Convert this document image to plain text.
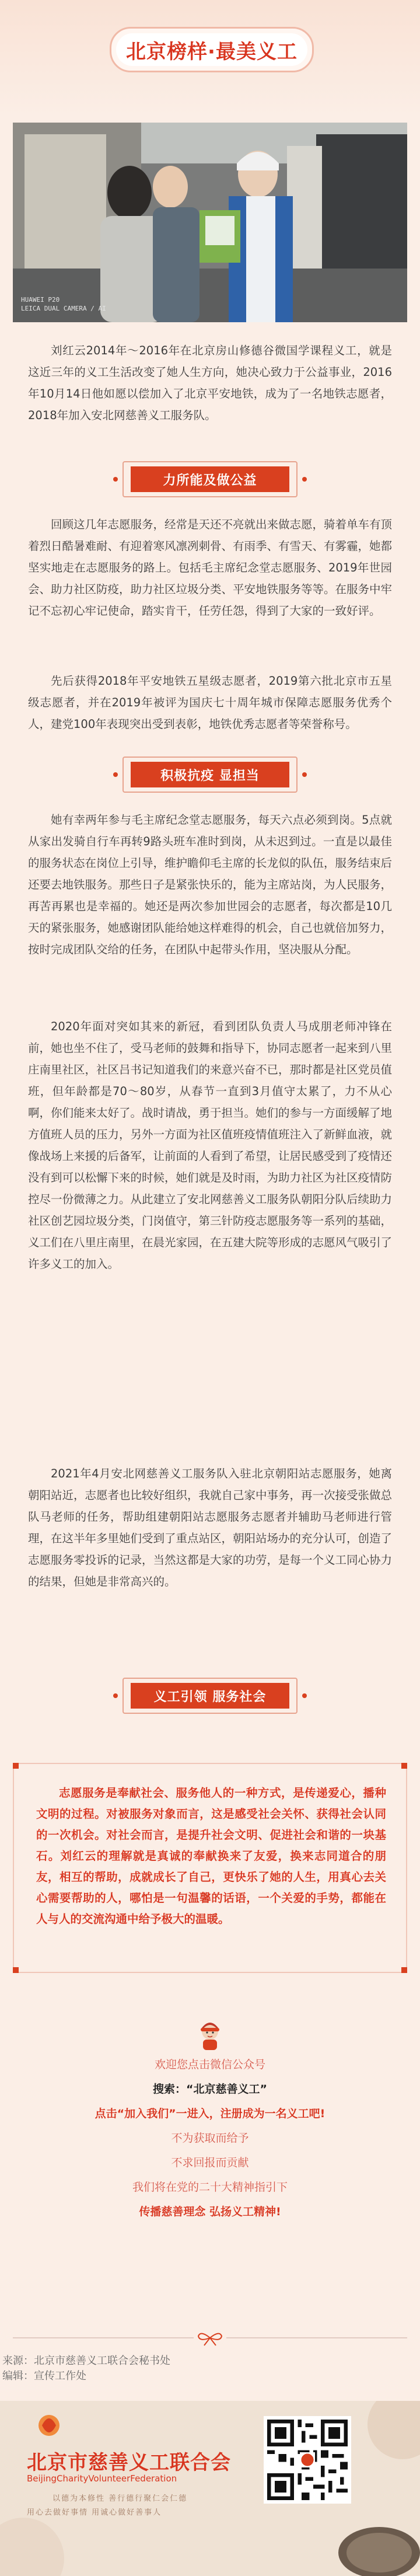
北京榜样·最美义工
HUAWEI P20
LEICA DUAL CAMERA / AI

刘红云2014年～2016年在北京房山修德谷微国学课程义工，就是这近三年的义工生活改变了她人生方向，她决心致力于公益事业，2016年10月14日他如愿以偿加入了北京平安地铁，成为了一名地铁志愿者，2018年加入安北网慈善义工服务队。

力所能及做公益

回顾这几年志愿服务，经常是天还不亮就出来做志愿，骑着单车有顶着烈日酷暑难耐、有迎着寒风凛冽刺骨、有雨季、有雪天、有雾霾，她都坚实地走在志愿服务的路上。包括毛主席纪念堂志愿服务、2019年世园会、助力社区防疫，助力社区垃圾分类、平安地铁服务等等。在服务中牢记不忘初心牢记使命，踏实肯干，任劳任怨，得到了大家的一致好评。

先后获得2018年平安地铁五星级志愿者，2019第六批北京市五星级志愿者，并在2019年被评为国庆七十周年城市保障志愿服务优秀个人，建党100年表现突出受到表彰，地铁优秀志愿者等荣誉称号。

积极抗疫 显担当

她有幸两年参与毛主席纪念堂志愿服务，每天六点必须到岗。5点就从家出发骑自行车再转9路头班车准时到岗，从未迟到过。一直是以最佳的服务状态在岗位上引导，维护瞻仰毛主席的长龙似的队伍，服务结束后还要去地铁服务。那些日子是紧张快乐的，能为主席站岗，为人民服务，再苦再累也是幸福的。她还是两次参加世园会的志愿者，每次都是10几天的紧张服务，她感谢团队能给她这样难得的机会，自己也就倍加努力，按时完成团队交给的任务，在团队中起带头作用，坚决服从分配。

2020年面对突如其来的新冠，看到团队负责人马成朋老师冲锋在前，她也坐不住了，受马老师的鼓舞和指导下，协同志愿者一起来到八里庄南里社区，社区吕书记知道我们的来意兴奋不已，那时都是社区党员值班，但年龄都是70～80岁，从春节一直到3月值守太累了，力不从心啊，你们能来太好了。战时请战，勇于担当。她们的参与一方面缓解了地方值班人员的压力，另外一方面为社区值班疫情值班注入了新鲜血液，就像战场上来援的后备军，让前面的人看到了希望，让居民感受到了疫情还没有到可以松懈下来的时候，她们就是及时雨，为助力社区为社区疫情防控尽一份微薄之力。从此建立了安北网慈善义工服务队朝阳分队后续助力社区创艺园垃圾分类，门岗值守，第三针防疫志愿服务等一系列的基础，义工们在八里庄南里，在晨光家园，在五建大院等形成的志愿风气吸引了许多义工的加入。

2021年4月安北网慈善义工服务队入驻北京朝阳站志愿服务，她离朝阳站近，志愿者也比较好组织，我就自己家中事务，再一次接受张做总队马老师的任务，帮助组建朝阳站志愿服务志愿者并辅助马老师进行管理，在这半年多里她们受到了重点站区，朝阳站场办的充分认可，创造了志愿服务零投诉的记录，当然这都是大家的功劳，是每一个义工同心协力的结果，但她是非常高兴的。

义工引领 服务社会

志愿服务是奉献社会、服务他人的一种方式，是传递爱心，播种文明的过程。对被服务对象而言，这是感受社会关怀、获得社会认同的一次机会。对社会而言，是提升社会文明、促进社会和谐的一块基石。刘红云的理解就是真诚的奉献换来了友爱，换来志同道合的朋友，相互的帮助，成就成长了自己，更快乐了她的人生，用真心去关心需要帮助的人，哪怕是一句温馨的话语，一个关爱的手势，都能在人与人的交流沟通中给予极大的温暖。

欢迎您点击微信公众号
搜索：“北京慈善义工”
点击“加入我们”一进入，注册成为一名义工吧!
不为获取而给予
不求回报而贡献
我们将在党的二十大精神指引下
传播慈善理念 弘扬义工精神!
来源：北京市慈善义工联合会秘书处
编辑：宣传工作处
北京市慈善义工联合会
BeijingCharityVolunteerFederation
以德为本修性 善行德行聚仁会仁德
用心去做好事情 用诚心做好善事人
